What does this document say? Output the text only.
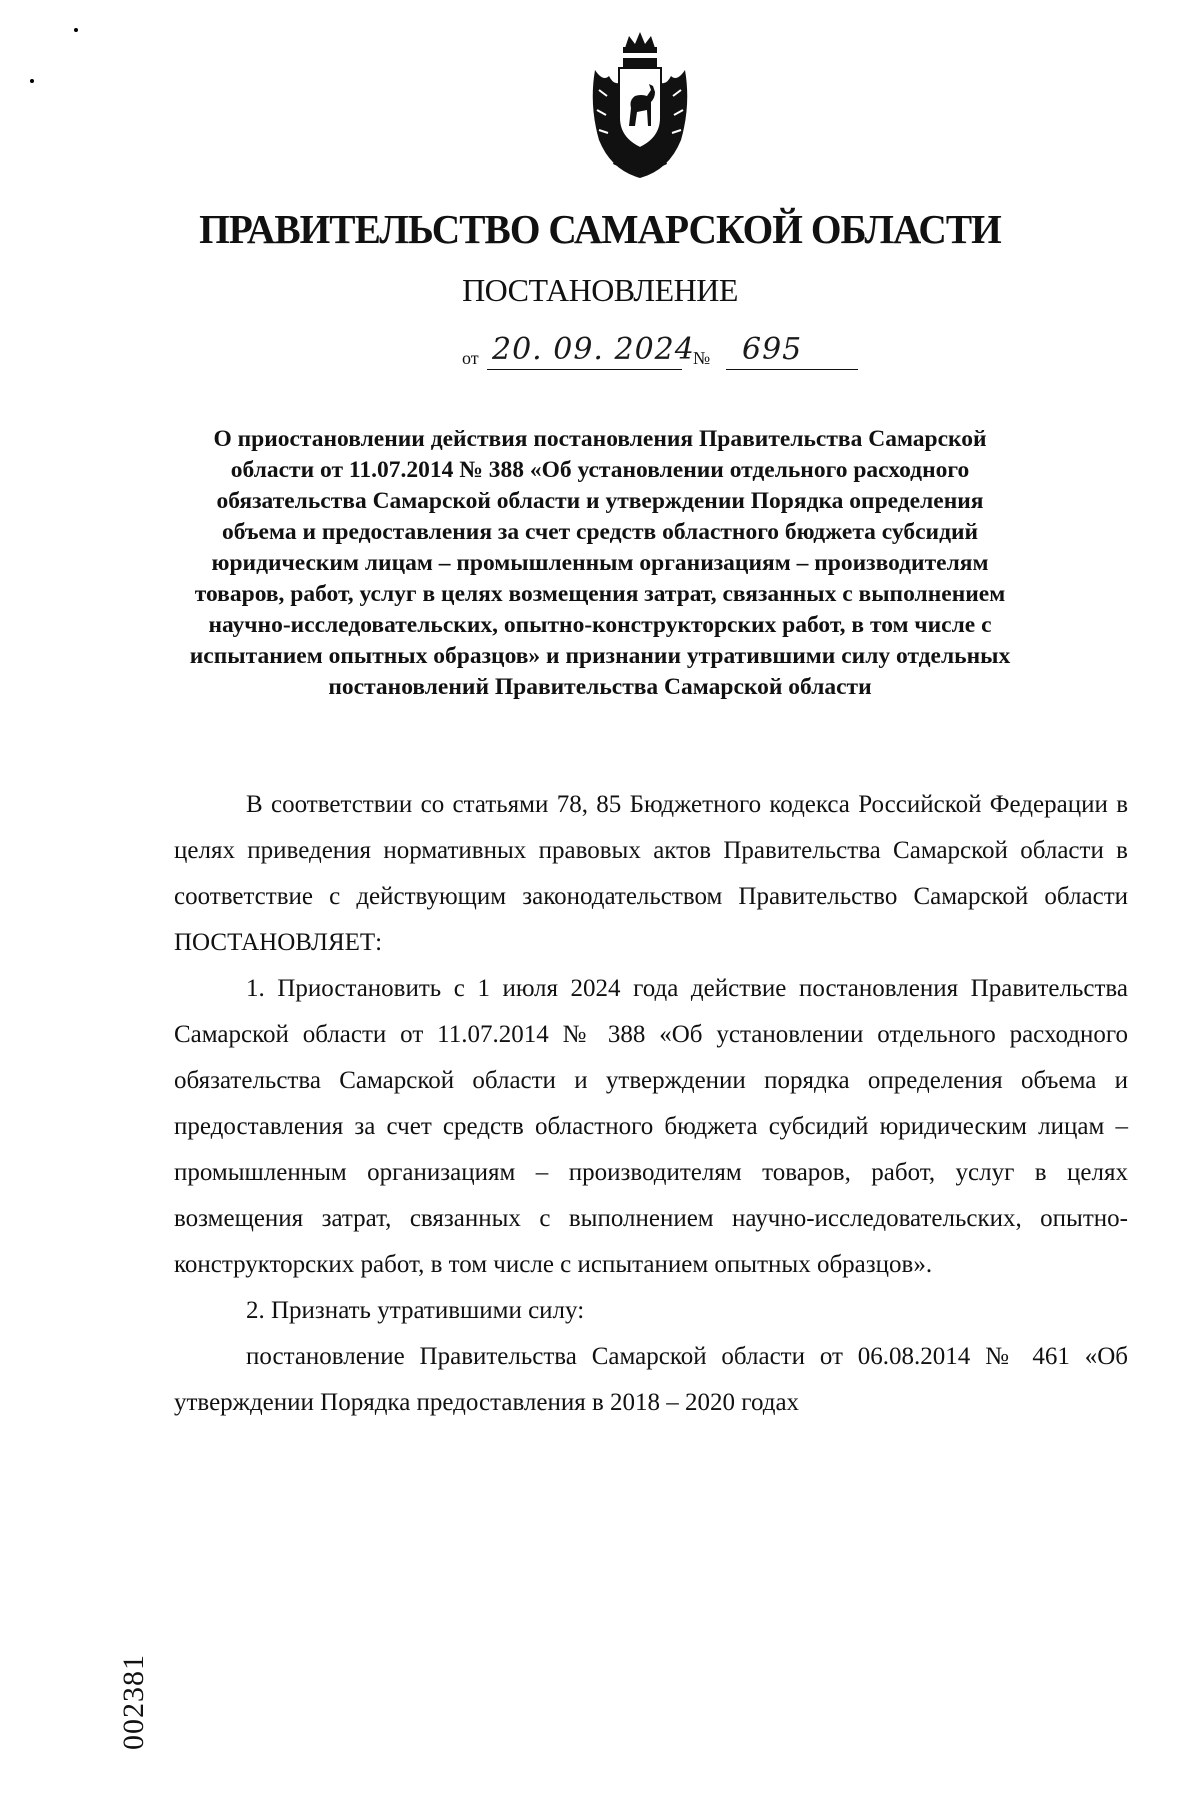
ПРАВИТЕЛЬСТВО САМАРСКОЙ ОБЛАСТИ
ПОСТАНОВЛЕНИЕ
от 20. 09. 2024
№ 695
О приостановлении действия постановления Правительства Самарской области от 11.07.2014 № 388 «Об установлении отдельного расходного обязательства Самарской области и утверждении Порядка определения объема и предоставления за счет средств областного бюджета субсидий юридическим лицам – промышленным организациям – производителям товаров, работ, услуг в целях возмещения затрат, связанных с выполнением научно-исследовательских, опытно-конструкторских работ, в том числе с испытанием опытных образцов» и признании утратившими силу отдельных постановлений Правительства Самарской области

В соответствии со статьями 78, 85 Бюджетного кодекса Российской Федерации в целях приведения нормативных правовых актов Правительства Самарской области в соответствие с действующим законодательством Правительство Самарской области ПОСТАНОВЛЯЕТ:

1. Приостановить с 1 июля 2024 года действие постановления Правительства Самарской области от 11.07.2014 № 388 «Об установлении отдельного расходного обязательства Самарской области и утверждении порядка определения объема и предоставления за счет средств областного бюджета субсидий юридическим лицам – промышленным организациям – производителям товаров, работ, услуг в целях возмещения затрат, связанных с выполнением научно-исследовательских, опытно-конструкторских работ, в том числе с испытанием опытных образцов».

2. Признать утратившими силу:

постановление Правительства Самарской области от 06.08.2014 № 461 «Об утверждении Порядка предоставления в 2018 – 2020 годах

002381
